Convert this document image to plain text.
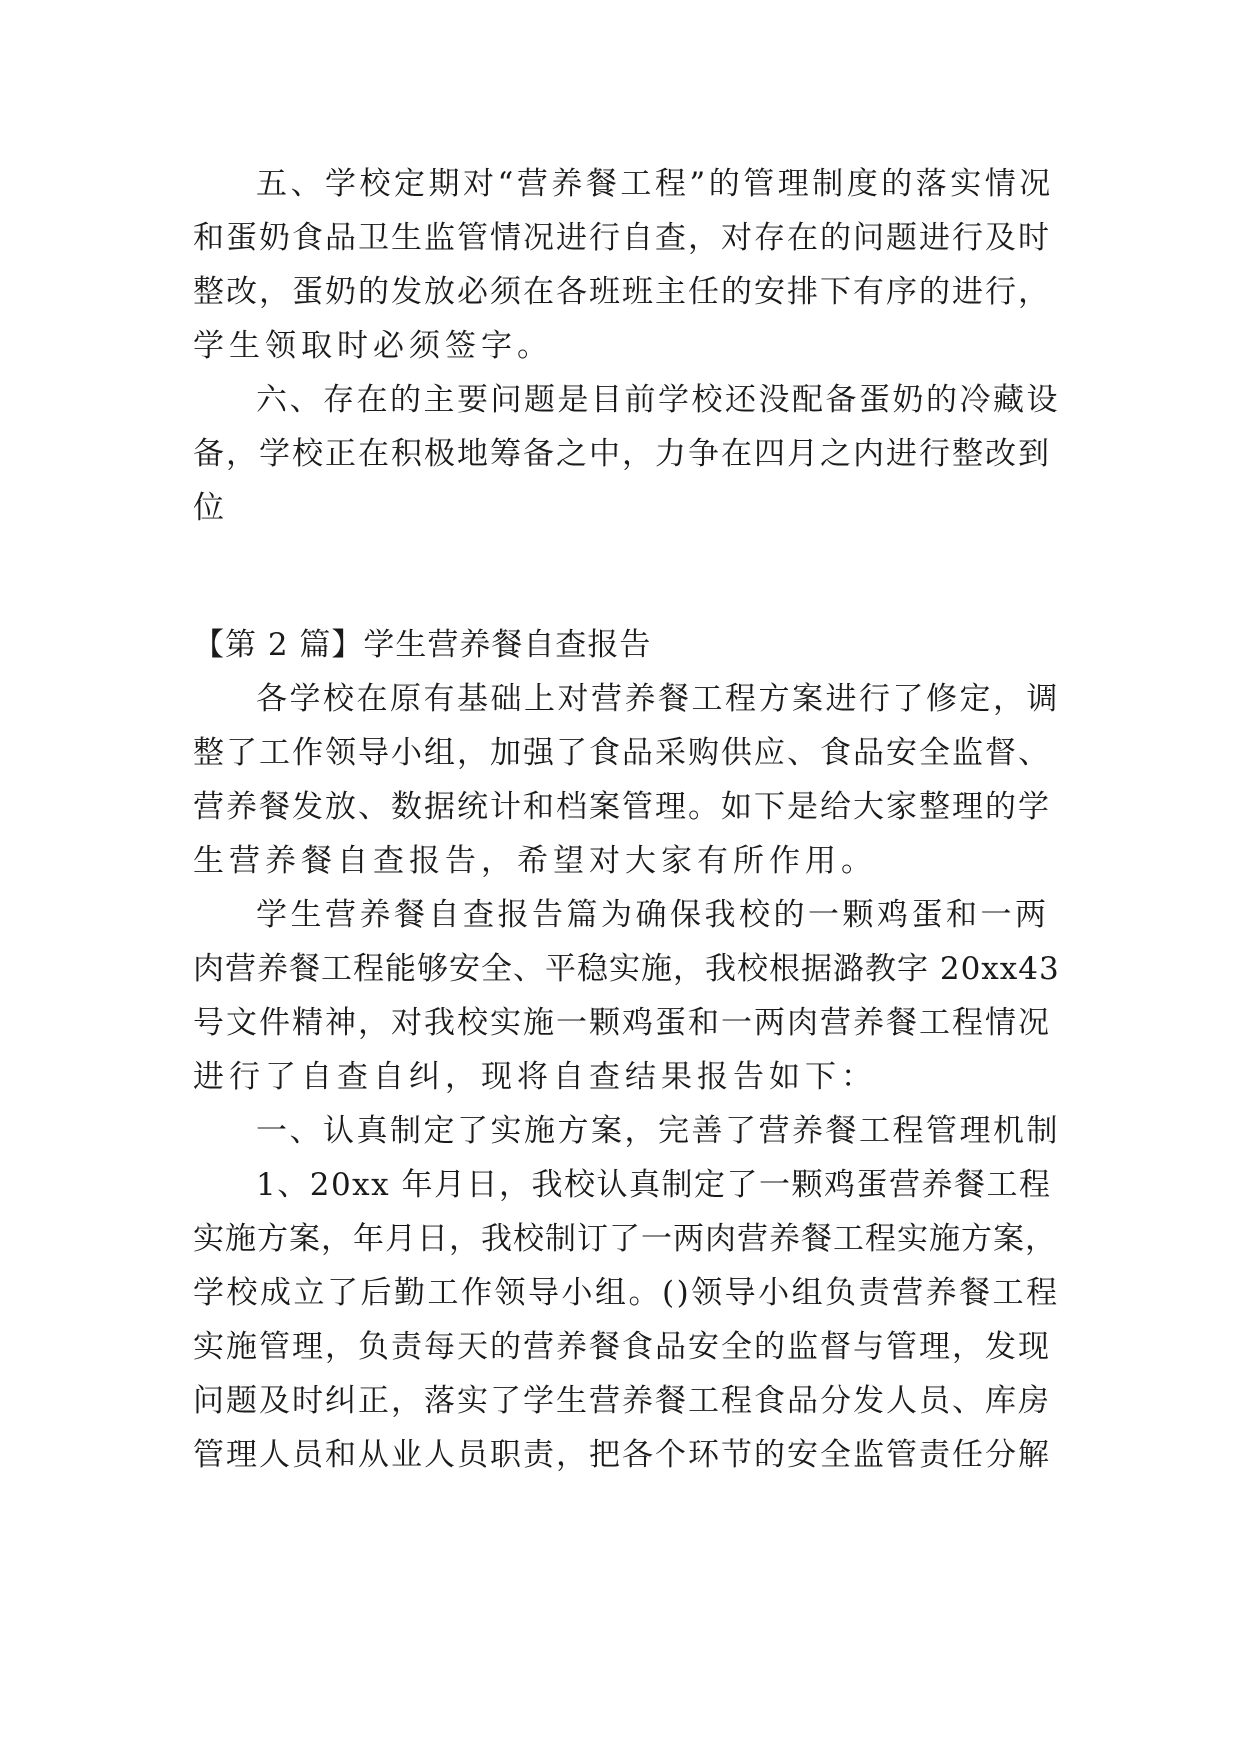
五、学校定期对“营养餐工程”的管理制度的落实情况
和蛋奶食品卫生监管情况进行自查，对存在的问题进行及时
整改，蛋奶的发放必须在各班班主任的安排下有序的进行，
学生领取时必须签字。
六、存在的主要问题是目前学校还没配备蛋奶的冷藏设
备，学校正在积极地筹备之中，力争在四月之内进行整改到
位
【第 2 篇】学生营养餐自查报告
各学校在原有基础上对营养餐工程方案进行了修定，调
整了工作领导小组，加强了食品采购供应、食品安全监督、
营养餐发放、数据统计和档案管理。如下是给大家整理的学
生营养餐自查报告，希望对大家有所作用。
学生营养餐自查报告篇为确保我校的一颗鸡蛋和一两
肉营养餐工程能够安全、平稳实施，我校根据潞教字 20xx43
号文件精神，对我校实施一颗鸡蛋和一两肉营养餐工程情况
进行了自查自纠，现将自查结果报告如下：
一、认真制定了实施方案，完善了营养餐工程管理机制
1、20xx 年月日，我校认真制定了一颗鸡蛋营养餐工程
实施方案，年月日，我校制订了一两肉营养餐工程实施方案，
学校成立了后勤工作领导小组。()领导小组负责营养餐工程
实施管理，负责每天的营养餐食品安全的监督与管理，发现
问题及时纠正，落实了学生营养餐工程食品分发人员、库房
管理人员和从业人员职责，把各个环节的安全监管责任分解
